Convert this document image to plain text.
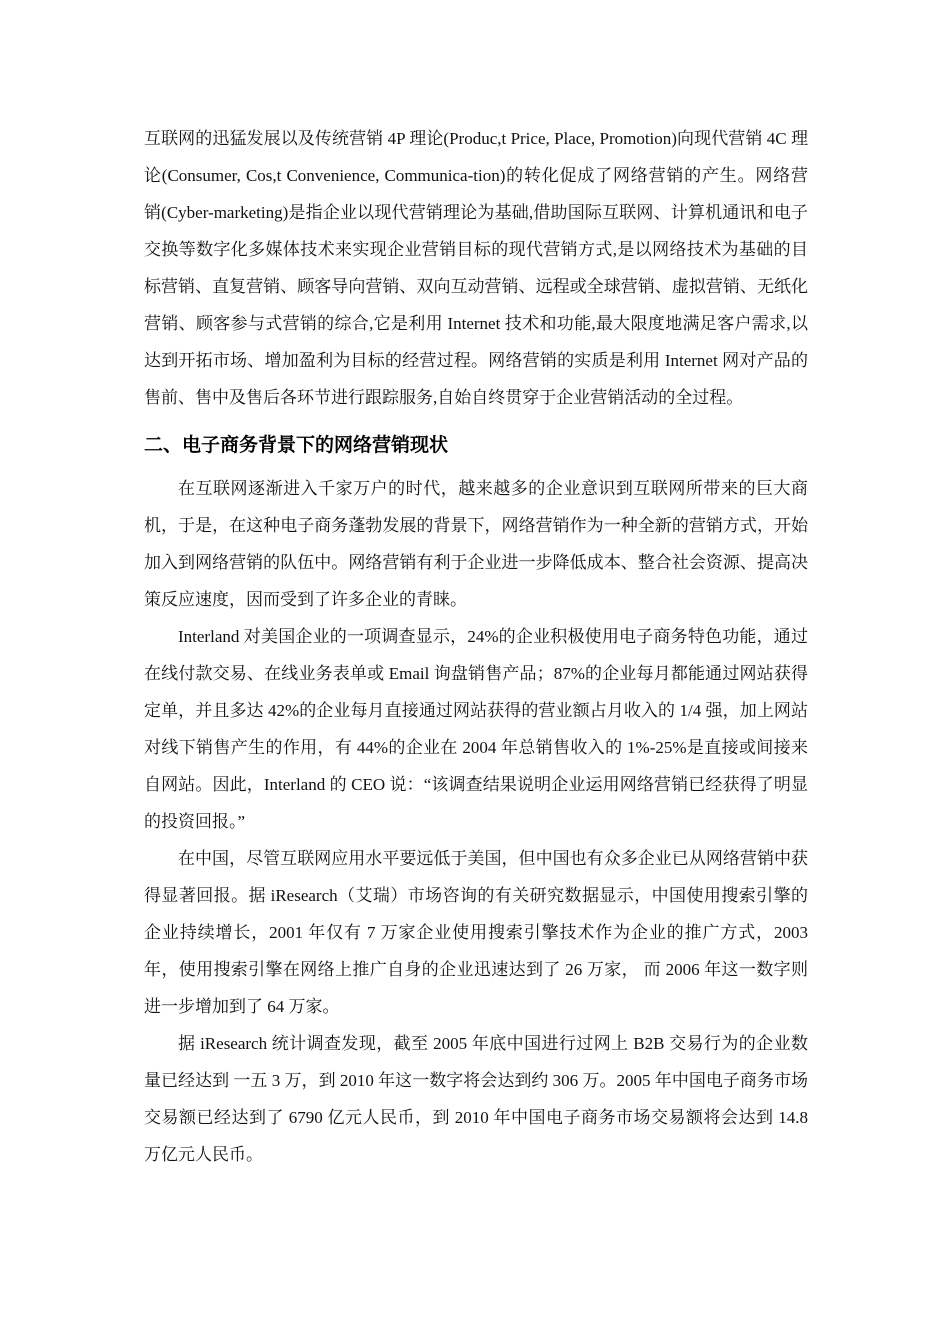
互联网的迅猛发展以及传统营销 4P 理论(Produc,t Price, Place, Promotion)向现代营销 4C 理论(Consumer, Cos,t Convenience, Communica-tion)的转化促成了网络营销的产生。网络营销(Cyber-marketing)是指企业以现代营销理论为基础,借助国际互联网、计算机通讯和电子交换等数字化多媒体技术来实现企业营销目标的现代营销方式,是以网络技术为基础的目标营销、直复营销、顾客导向营销、双向互动营销、远程或全球营销、虚拟营销、无纸化营销、顾客参与式营销的综合,它是利用 Internet 技术和功能,最大限度地满足客户需求,以达到开拓市场、增加盈利为目标的经营过程。网络营销的实质是利用 Internet 网对产品的售前、售中及售后各环节进行跟踪服务,自始自终贯穿于企业营销活动的全过程。

二、电子商务背景下的网络营销现状

在互联网逐渐进入千家万户的时代，越来越多的企业意识到互联网所带来的巨大商机，于是，在这种电子商务蓬勃发展的背景下，网络营销作为一种全新的营销方式，开始加入到网络营销的队伍中。网络营销有利于企业进一步降低成本、整合社会资源、提高决策反应速度，因而受到了许多企业的青睐。

Interland 对美国企业的一项调查显示，24%的企业积极使用电子商务特色功能，通过在线付款交易、在线业务表单或 Email 询盘销售产品；87%的企业每月都能通过网站获得定单，并且多达 42%的企业每月直接通过网站获得的营业额占月收入的 1/4 强，加上网站对线下销售产生的作用，有 44%的企业在 2004 年总销售收入的 1%-25%是直接或间接来自网站。因此，Interland 的 CEO 说：“该调查结果说明企业运用网络营销已经获得了明显的投资回报。”

在中国，尽管互联网应用水平要远低于美国，但中国也有众多企业已从网络营销中获得显著回报。据 iResearch（艾瑞）市场咨询的有关研究数据显示，中国使用搜索引擎的企业持续增长，2001 年仅有 7 万家企业使用搜索引擎技术作为企业的推广方式，2003 年，使用搜索引擎在网络上推广自身的企业迅速达到了 26 万家， 而 2006 年这一数字则进一步增加到了 64 万家。

据 iResearch 统计调查发现，截至 2005 年底中国进行过网上 B2B 交易行为的企业数量已经达到 一五 3 万，到 2010 年这一数字将会达到约 306 万。2005 年中国电子商务市场交易额已经达到了 6790 亿元人民币，到 2010 年中国电子商务市场交易额将会达到 14.8 万亿元人民币。
